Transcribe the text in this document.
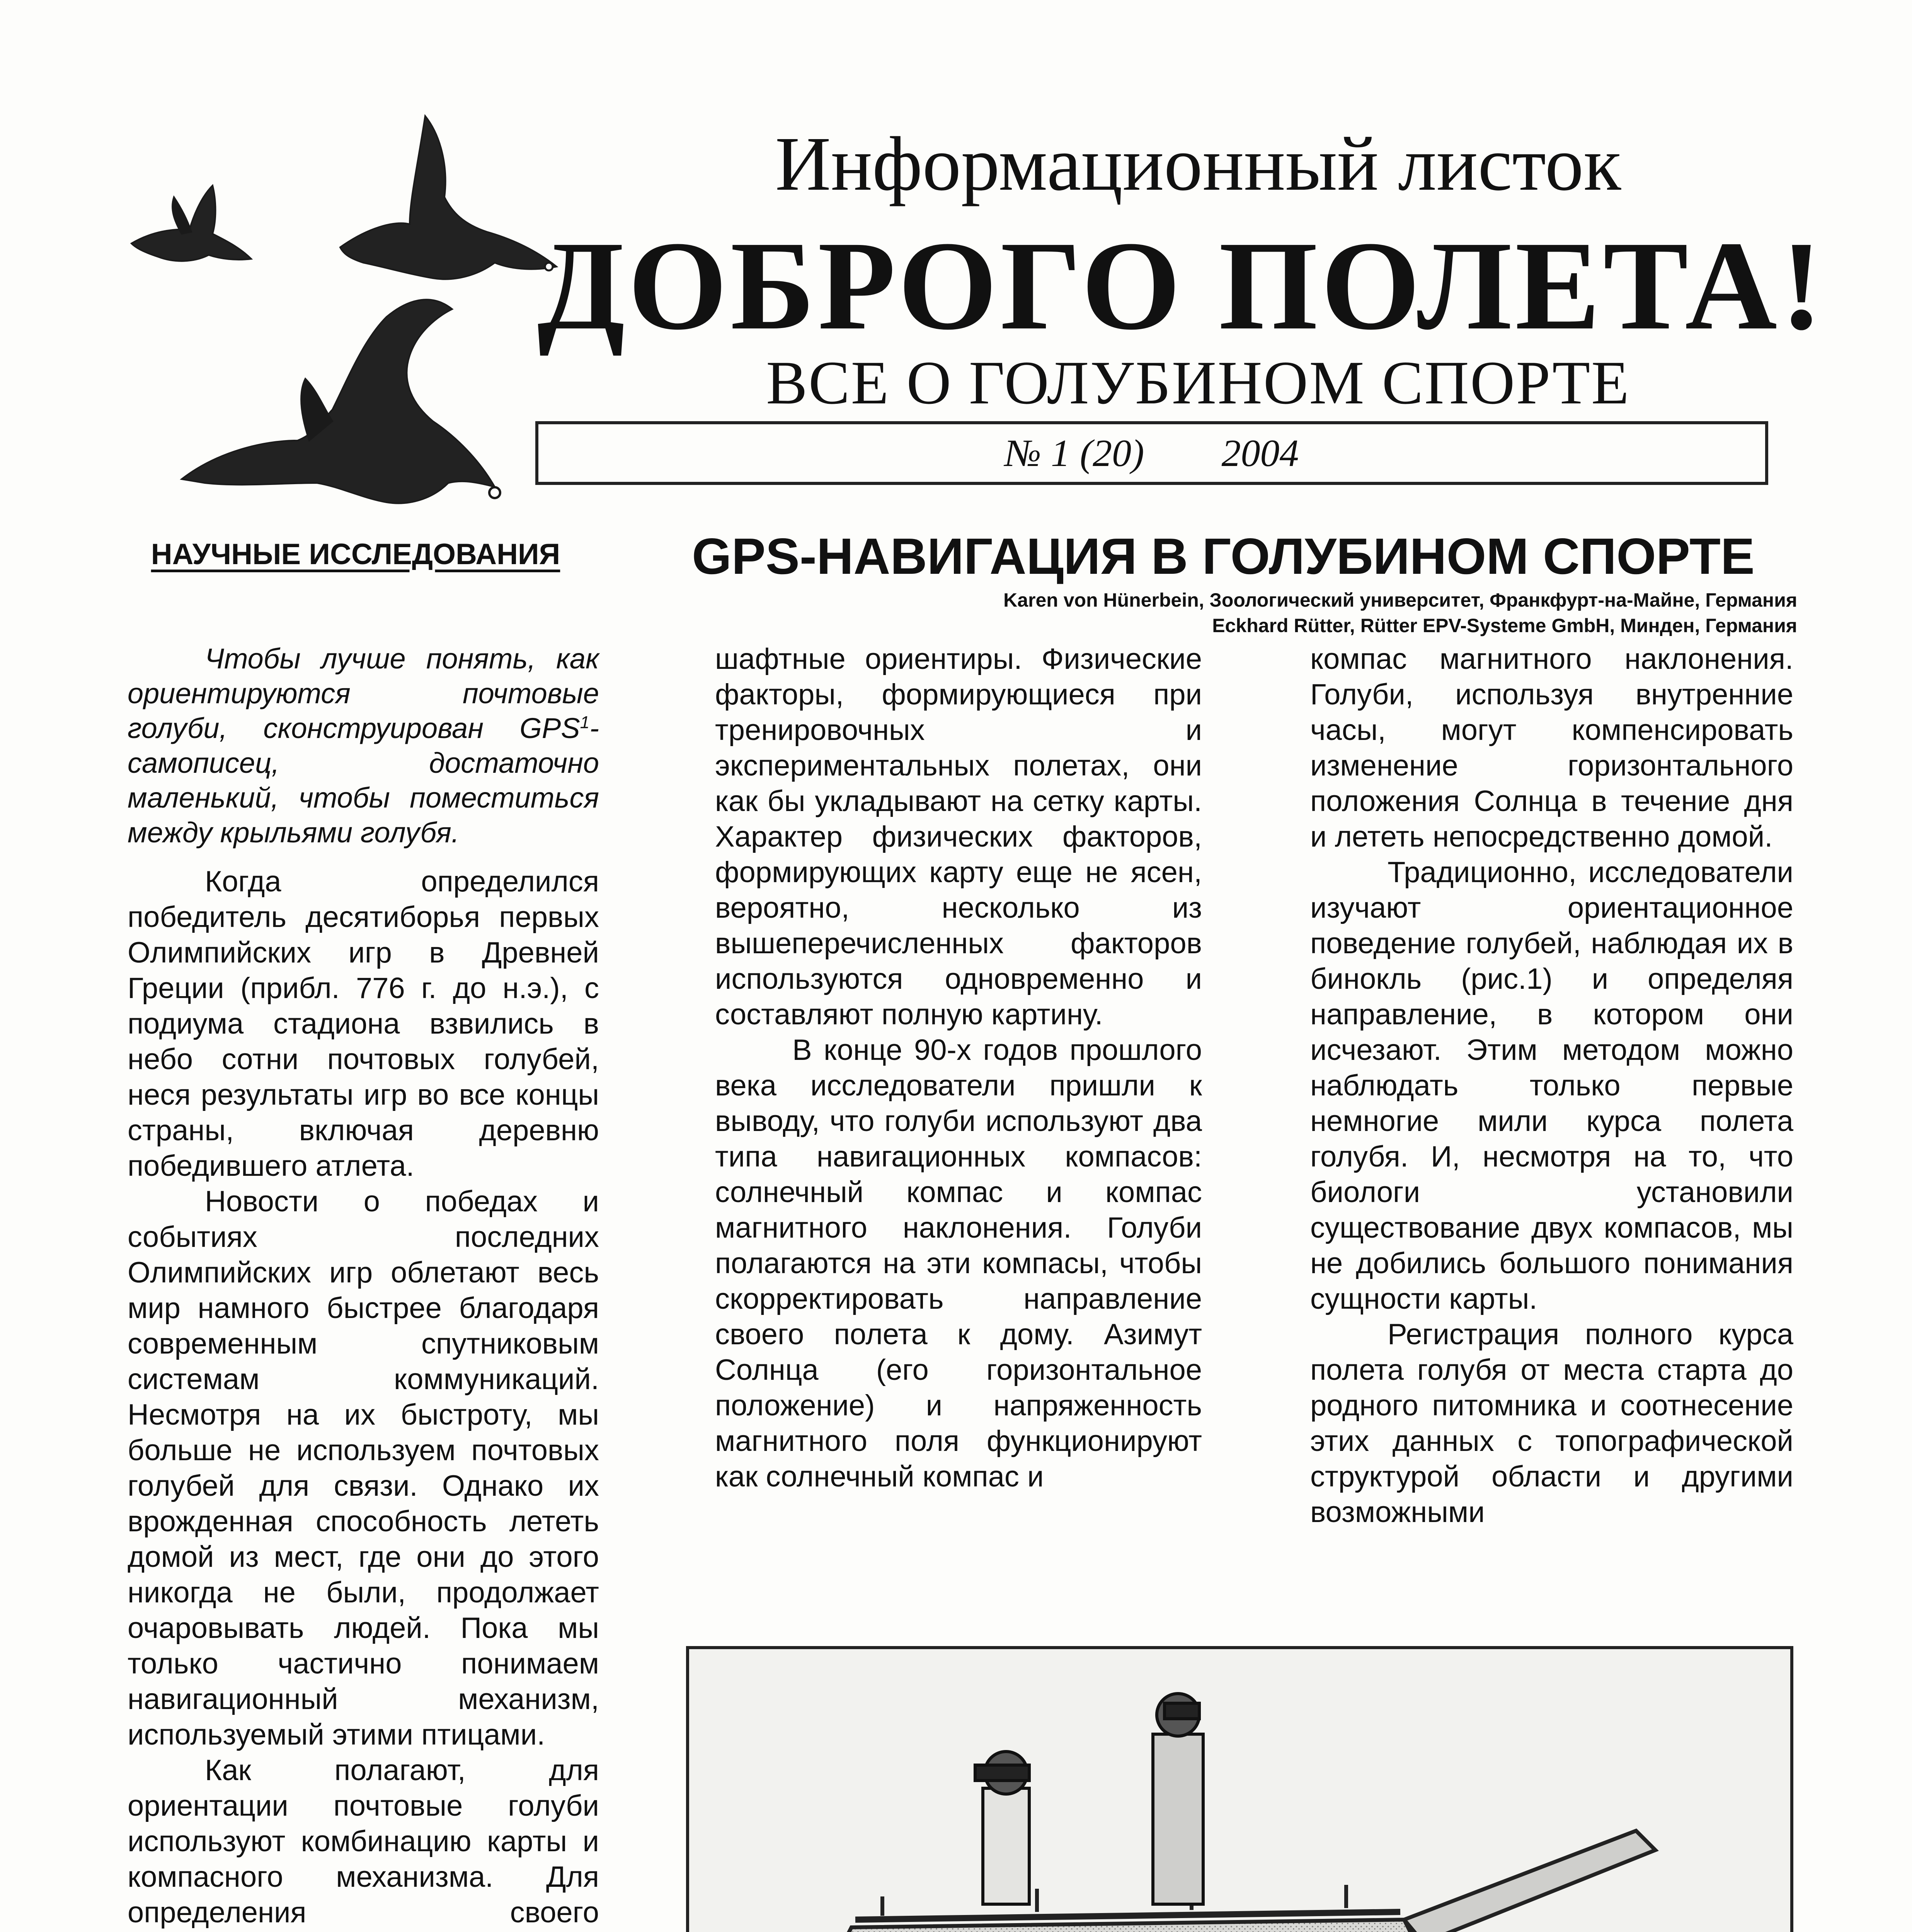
Информационный листок
ДОБРОГО ПОЛЕТА!
ВСЕ О ГОЛУБИНОМ СПОРТЕ
№ 1 (20) 2004
НАУЧНЫЕ ИССЛЕДОВАНИЯ	GPS-НАВИГАЦИЯ В ГОЛУБИНОМ СПОРТЕ
Karen von Hünerbein, Зоологический университет, Франкфурт-на-Майне, Германия
Eckhard Rütter, Rütter EPV-Systeme GmbH, Минден, Германия

Чтобы лучше понять, как ориентируются почтовые голуби, сконструирован GPS$^1$-самописец, достаточно маленький, чтобы поместиться между крыльями голубя.

Когда определился победитель десятиборья первых Олимпийских игр в Древней Греции (прибл. 776 г. до н.э.), с подиума стадиона взвились в небо сотни почтовых голубей, неся результаты игр во все концы страны, включая деревню победившего атлета.

Новости о победах и событиях последних Олимпийских игр облетают весь мир намного быстрее благодаря современным спутниковым системам коммуникаций. Несмотря на их быстроту, мы больше не используем почтовых голубей для связи. Однако их врожденная способность лететь домой из мест, где они до этого никогда не были, продолжает очаровывать людей. Пока мы только частично понимаем навигационный механизм, используемый этими птицами.

Как полагают, для ориентации почтовые голуби используют комбинацию карты и компасного механизма. Для определения своего

шафтные ориентиры. Физические факторы, формирующиеся при тренировочных и экспериментальных полетах, они как бы укладывают на сетку карты. Характер физических факторов, формирующих карту еще не ясен, вероятно, несколько из вышеперечисленных факторов используются одновременно и составляют полную картину.

В конце 90-х годов прошлого века исследователи пришли к выводу, что голуби используют два типа навигационных компасов: солнечный компас и компас магнитного наклонения. Голуби полагаются на эти компасы, чтобы скорректировать направление своего полета к дому. Азимут Солнца (его горизонтальное положение) и напряженность магнитного поля функционируют как солнечный компас и

компас магнитного наклонения. Голуби, используя внутренние часы, могут компенсировать изменение горизонтального положения Солнца в течение дня и лететь непосредственно домой.

Традиционно, исследователи изучают ориентационное поведение голубей, наблюдая их в бинокль (рис.1) и определяя направление, в котором они исчезают. Этим методом можно наблюдать только первые немногие мили курса полета голубя. И, несмотря на то, что биологи установили существование двух компасов, мы не добились большого понимания сущности карты.

Регистрация полного курса полета голубя от места старта до родного питомника и соотнесение этих данных с топографической структурой области и другими возможными
